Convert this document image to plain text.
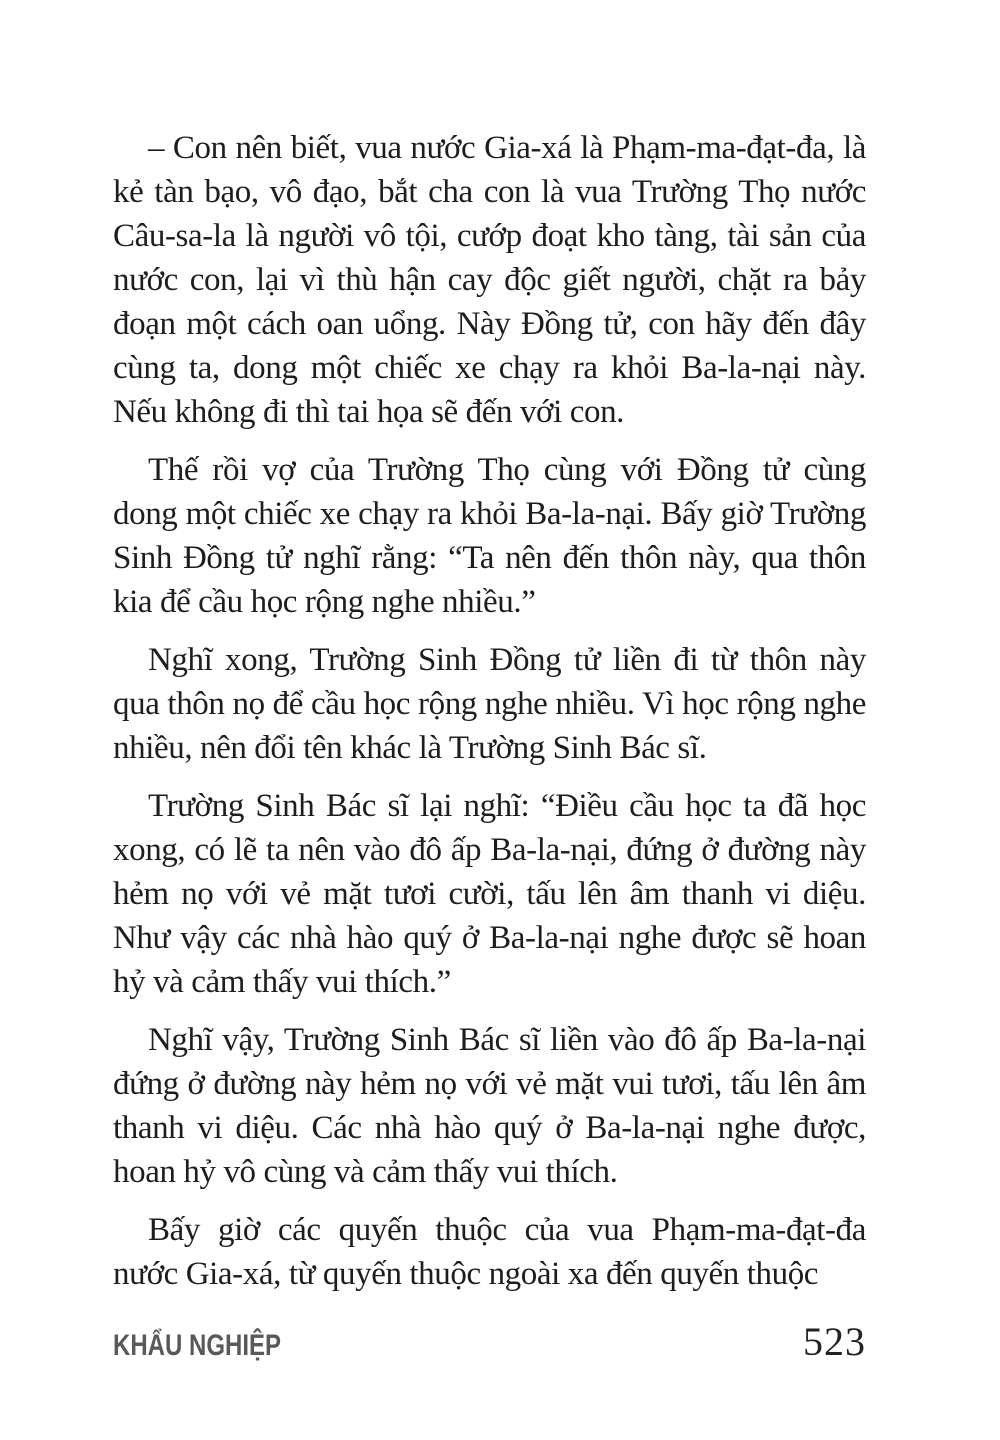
– Con nên biết, vua nước Gia-xá là Phạm-ma-đạt-đa, là kẻ tàn bạo, vô đạo, bắt cha con là vua Trường Thọ nước Câu-sa-la là người vô tội, cướp đoạt kho tàng, tài sản của nước con, lại vì thù hận cay độc giết người, chặt ra bảy đoạn một cách oan uổng. Này Đồng tử, con hãy đến đây cùng ta, dong một chiếc xe chạy ra khỏi Ba-la-nại này. Nếu không đi thì tai họa sẽ đến với con.

Thế rồi vợ của Trường Thọ cùng với Đồng tử cùng dong một chiếc xe chạy ra khỏi Ba-la-nại. Bấy giờ Trường Sinh Đồng tử nghĩ rằng: “Ta nên đến thôn này, qua thôn kia để cầu học rộng nghe nhiều.”

Nghĩ xong, Trường Sinh Đồng tử liền đi từ thôn này qua thôn nọ để cầu học rộng nghe nhiều. Vì học rộng nghe nhiều, nên đổi tên khác là Trường Sinh Bác sĩ.

Trường Sinh Bác sĩ lại nghĩ: “Điều cầu học ta đã học xong, có lẽ ta nên vào đô ấp Ba-la-nại, đứng ở đường này hẻm nọ với vẻ mặt tươi cười, tấu lên âm thanh vi diệu. Như vậy các nhà hào quý ở Ba-la-nại nghe được sẽ hoan hỷ và cảm thấy vui thích.”

Nghĩ vậy, Trường Sinh Bác sĩ liền vào đô ấp Ba-la-nại đứng ở đường này hẻm nọ với vẻ mặt vui tươi, tấu lên âm thanh vi diệu. Các nhà hào quý ở Ba-la-nại nghe được, hoan hỷ vô cùng và cảm thấy vui thích.

Bấy giờ các quyến thuộc của vua Phạm-ma-đạt-đa nước Gia-xá, từ quyến thuộc ngoài xa đến quyến thuộc

KHẨU NGHIỆP	523
